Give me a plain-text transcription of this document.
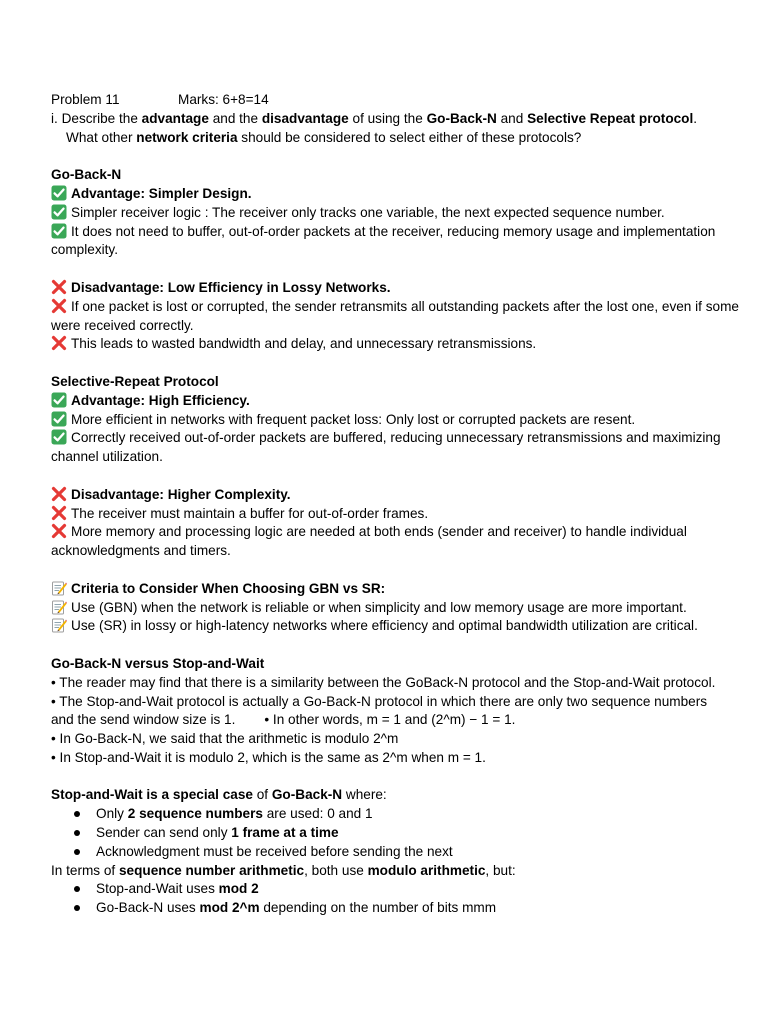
Problem 11	Marks: 6+8=14
i. Describe the advantage and the disadvantage of using the Go-Back-N and Selective Repeat protocol.
What other network criteria should be considered to select either of these protocols?
Go-Back-N
Advantage: Simpler Design.
Simpler receiver logic : The receiver only tracks one variable, the next expected sequence number.
It does not need to buffer, out-of-order packets at the receiver, reducing memory usage and implementation complexity.
Disadvantage: Low Efficiency in Lossy Networks.
If one packet is lost or corrupted, the sender retransmits all outstanding packets after the lost one, even if some were received correctly.
This leads to wasted bandwidth and delay, and unnecessary retransmissions.
Selective-Repeat Protocol
Advantage: High Efficiency.
More efficient in networks with frequent packet loss: Only lost or corrupted packets are resent.
Correctly received out-of-order packets are buffered, reducing unnecessary retransmissions and maximizing channel utilization.
Disadvantage: Higher Complexity.
The receiver must maintain a buffer for out-of-order frames.
More memory and processing logic are needed at both ends (sender and receiver) to handle individual acknowledgments and timers.
Criteria to Consider When Choosing GBN vs SR:
Use (GBN) when the network is reliable or when simplicity and low memory usage are more important.
Use (SR) in lossy or high-latency networks where efficiency and optimal bandwidth utilization are critical.
Go-Back-N versus Stop-and-Wait
• The reader may find that there is a similarity between the GoBack-N protocol and the Stop-and-Wait protocol.
• The Stop-and-Wait protocol is actually a Go-Back-N protocol in which there are only two sequence numbers
and the send window size is 1. • In other words, m = 1 and (2^m) − 1 = 1.
• In Go-Back-N, we said that the arithmetic is modulo 2^m
• In Stop-and-Wait it is modulo 2, which is the same as 2^m when m = 1.
Stop-and-Wait is a special case of Go-Back-N where:
Only 2 sequence numbers are used: 0 and 1
Sender can send only 1 frame at a time
Acknowledgment must be received before sending the next
In terms of sequence number arithmetic, both use modulo arithmetic, but:
Stop-and-Wait uses mod 2
Go-Back-N uses mod 2^m depending on the number of bits mmm
